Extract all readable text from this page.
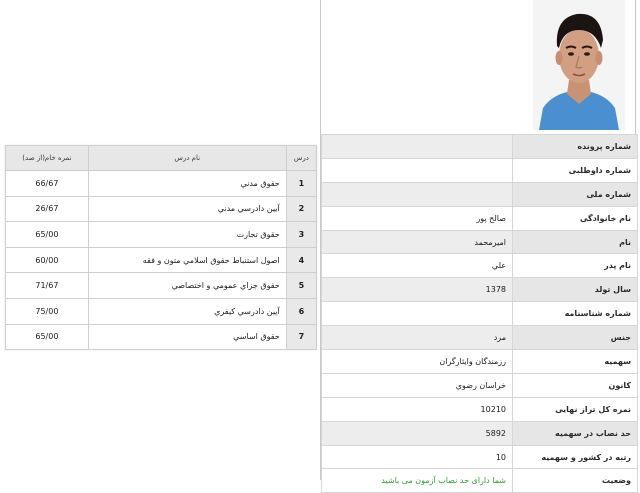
نمره خام(از صد)	نام درس	درس
66/67	حقوق مدني	1
26/67	آيين دادرسي مدني	2
65/00	حقوق تجارت	3
60/00	اصول استنباط حقوق اسلامي متون و فقه	4
71/67	حقوق جزاي عمومي و اختصاصي	5
75/00	آيين دادرسي كيفري	6
65/00	حقوق اساسي	7
	شماره پرونده
	شماره داوطلبی
	شماره ملی
صالح پور	نام خانوادگی
اميرمحمد	نام
علي	نام پدر
1378	سال تولد
	شماره شناسنامه
مرد	جنس
رزمندگان وایثارگران	سهمیه
خراسان رضوي	کانون
10210	نمره کل تراز نهایی
5892	حد نصاب در سهمیه
10	رتبه در کشور و سهمیه
شما دارای حد نصاب آزمون می باشید	وضعیت
